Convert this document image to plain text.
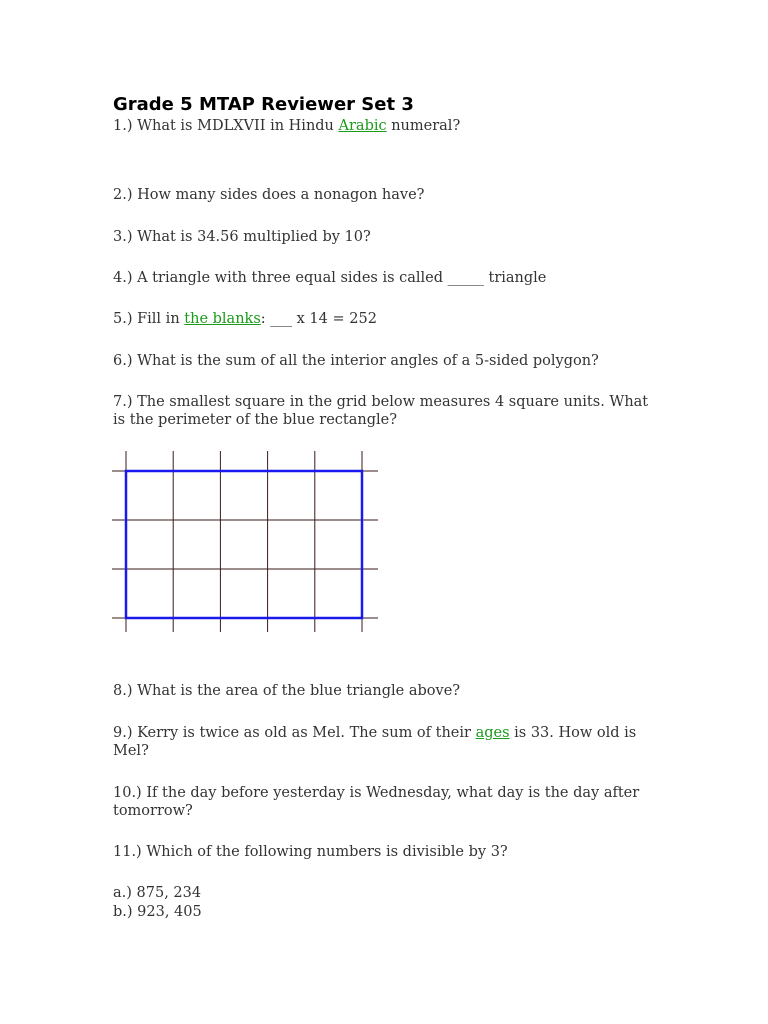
Grade 5 MTAP Reviewer Set 3
1.) What is MDLXVII in Hindu Arabic numeral?
2.) How many sides does a nonagon have?
3.) What is 34.56 multiplied by 10?
4.) A triangle with three equal sides is called _____ triangle
5.) Fill in the blanks: ___ x 14 = 252
6.) What is the sum of all the interior angles of a 5-sided polygon?
7.) The smallest square in the grid below measures 4 square units. What is the perimeter of the blue rectangle?
8.) What is the area of the blue triangle above?
9.) Kerry is twice as old as Mel. The sum of their ages is 33. How old is Mel?
10.) If the day before yesterday is Wednesday, what day is the day after tomorrow?
11.) Which of the following numbers is divisible by 3?
a.) 875, 234
b.) 923, 405
